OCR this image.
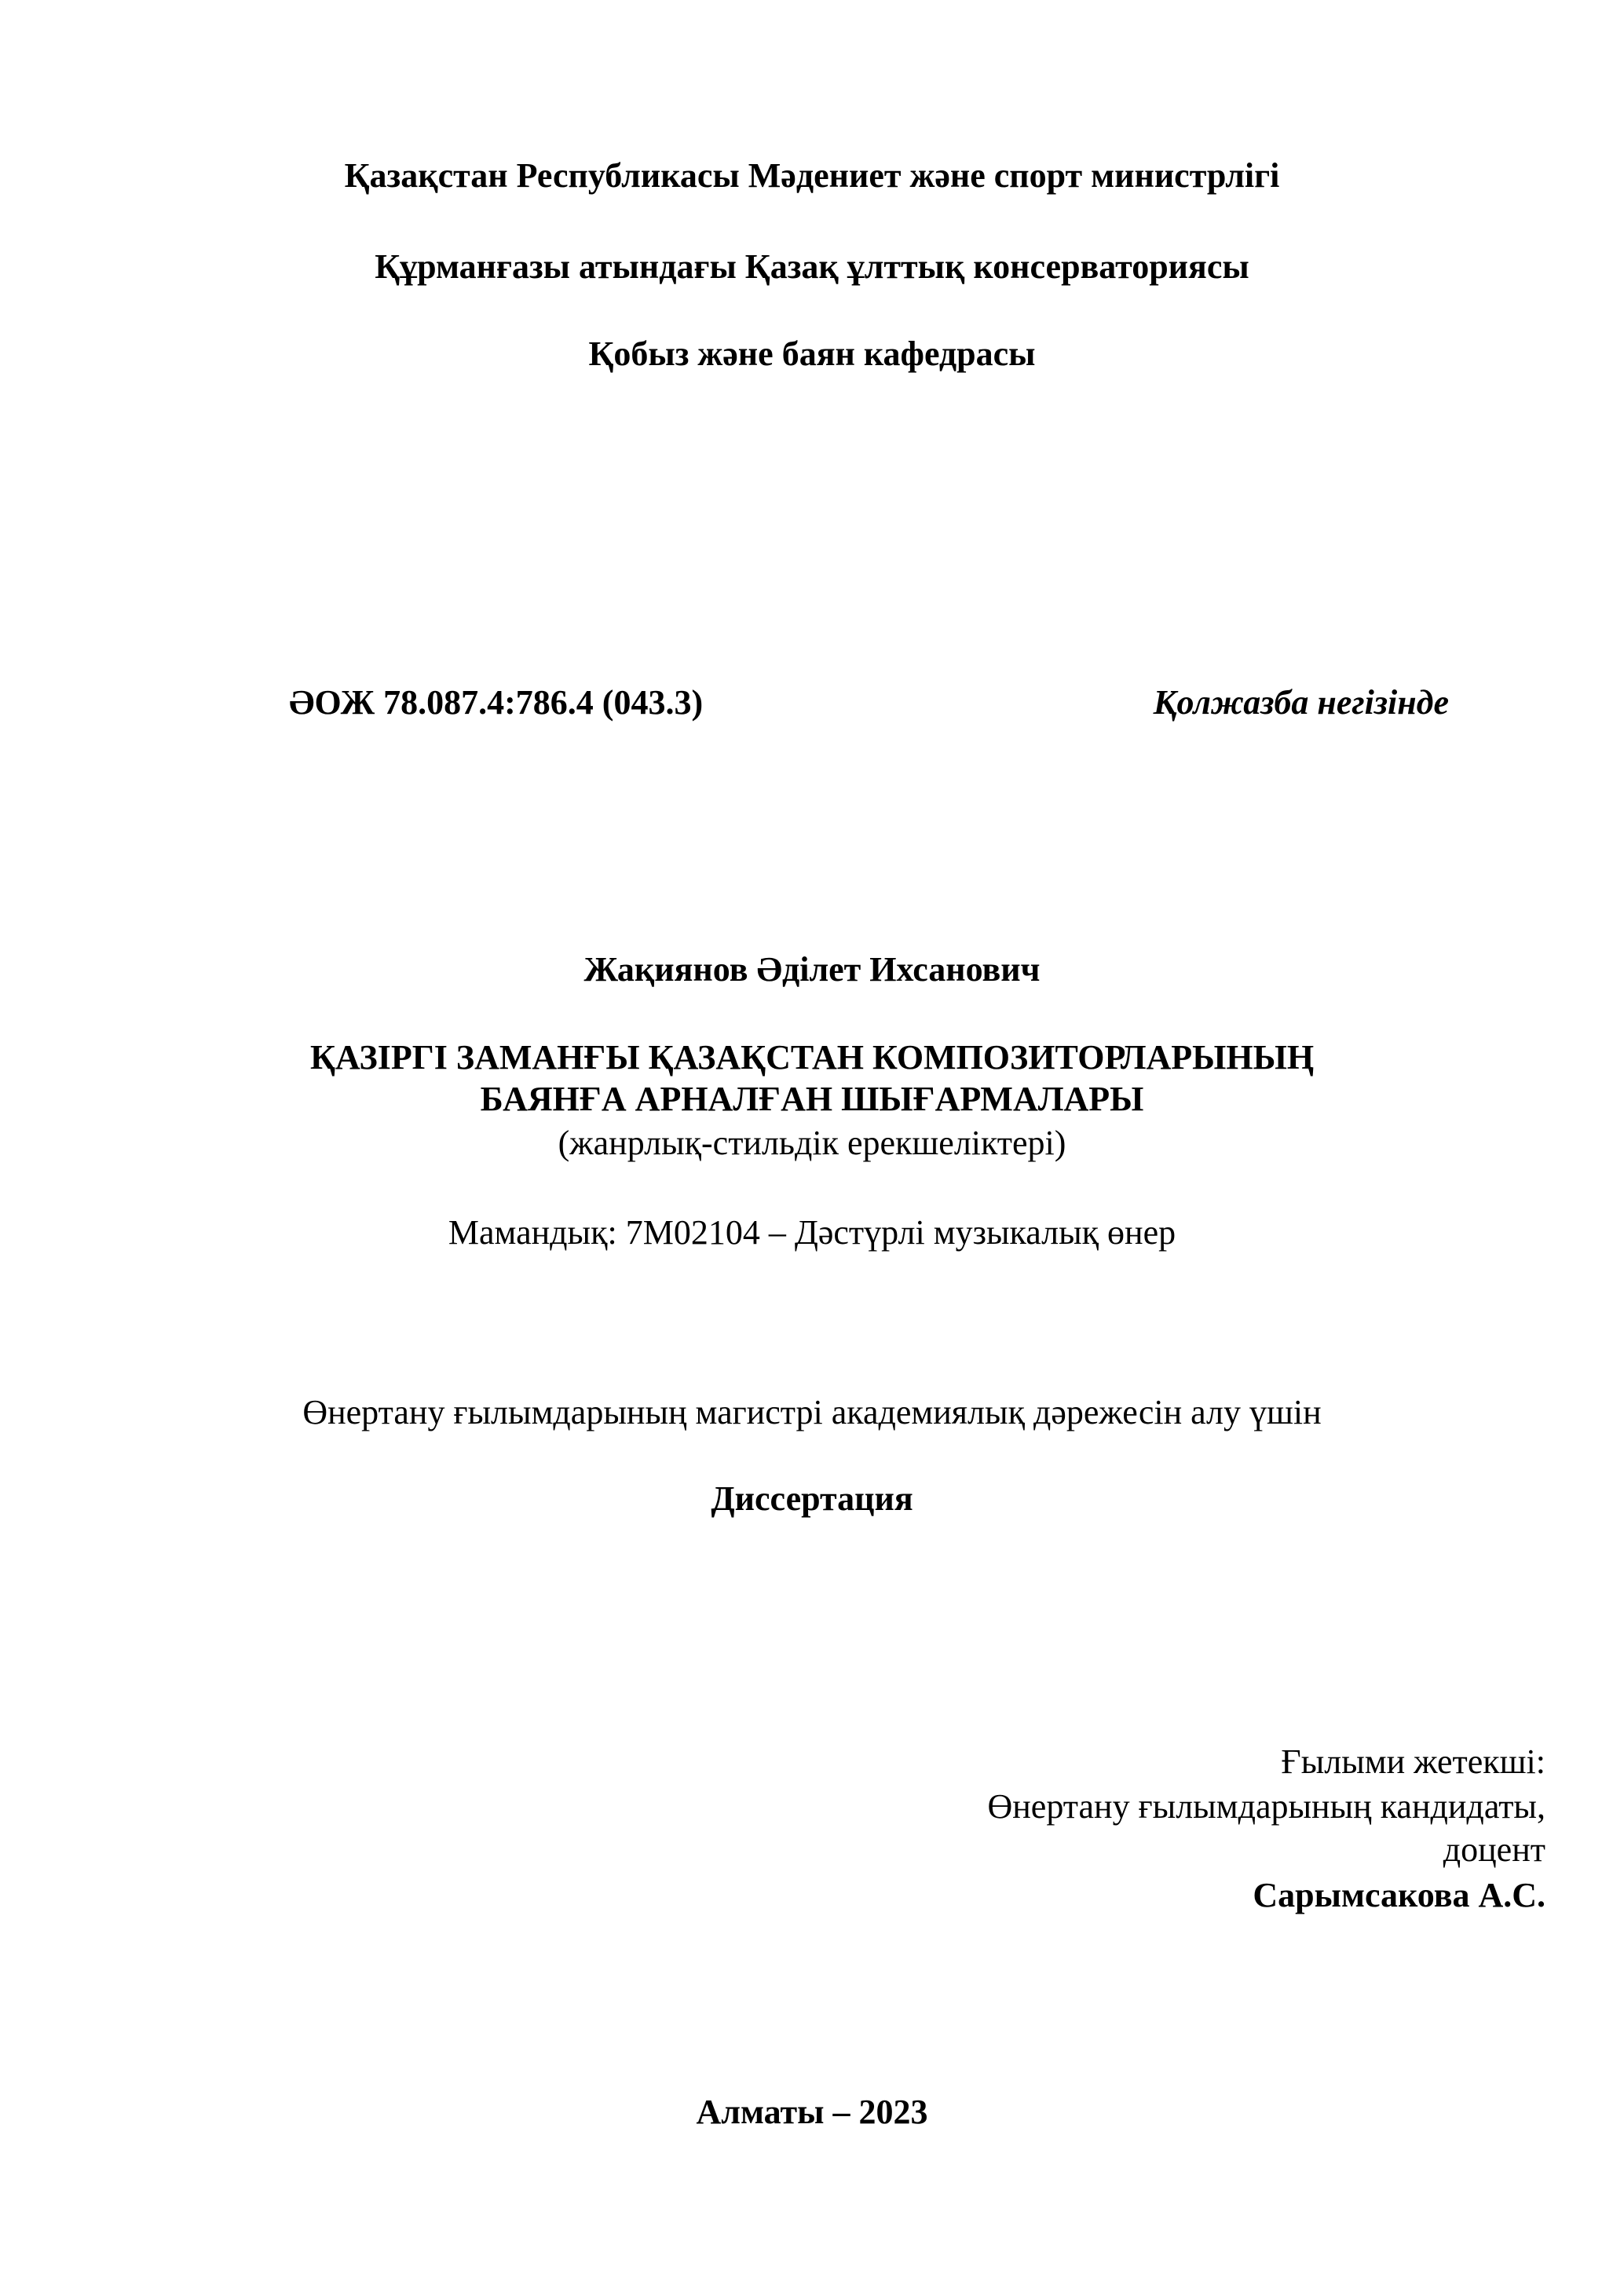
Қазақстан Республикасы Мәдениет және спорт министрлігі
Құрманғазы атындағы Қазақ ұлттық консерваториясы
Қобыз және баян кафедрасы
ӘОЖ 78.087.4:786.4 (043.3)	Қолжазба негізінде
Жақиянов Әділет Ихсанович
ҚАЗІРГІ ЗАМАНҒЫ ҚАЗАҚСТАН КОМПОЗИТОРЛАРЫНЫҢ
БАЯНҒА АРНАЛҒАН ШЫҒАРМАЛАРЫ
(жанрлық-стильдік ерекшеліктері)
Мамандық: 7M02104 – Дәстүрлі музыкалық өнер
Өнертану ғылымдарының магистрі академиялық дәрежесін алу үшін
Диссертация
Ғылыми жетекші:
Өнертану ғылымдарының кандидаты,
доцент
Сарымсакова А.С.
Алматы – 2023
